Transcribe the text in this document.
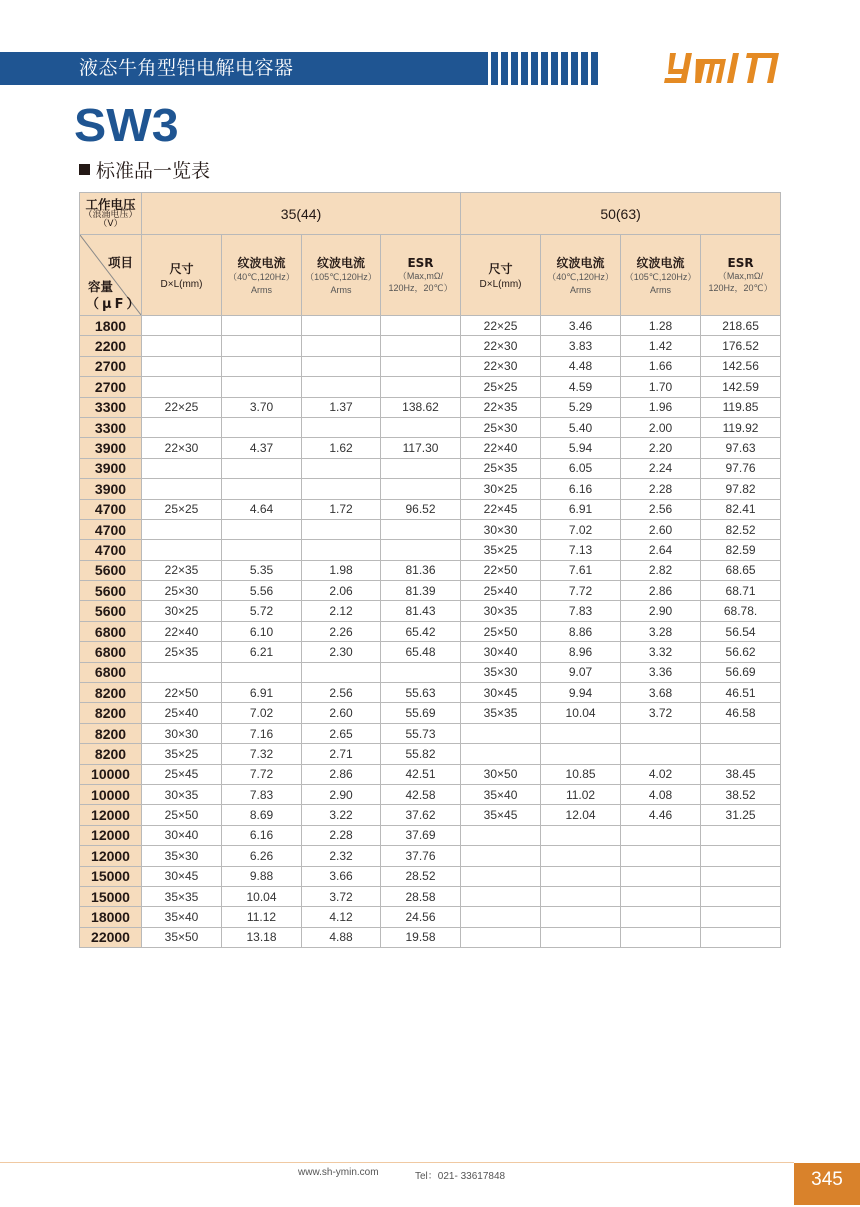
液态牛角型铝电解电容器
SW3
标准品一览表
工作电压
（浪涌电压）
（V）	35(44)				50(63)			

项目
容量
（μF）	尺寸
D×L(mm)	纹波电流
（40℃,120Hz）
Arms	纹波电流
（105℃,120Hz）
Arms	ESR
（Max,mΩ/
120Hz，20℃）	尺寸
D×L(mm)	纹波电流
（40℃,120Hz）
Arms	纹波电流
（105℃,120Hz）
Arms	ESR
（Max,mΩ/
120Hz，20℃）

1800					22×25	3.46	1.28	218.65
2200					22×30	3.83	1.42	176.52
2700					22×30	4.48	1.66	142.56
2700					25×25	4.59	1.70	142.59
3300	22×25	3.70	1.37	138.62	22×35	5.29	1.96	119.85
3300					25×30	5.40	2.00	119.92
3900	22×30	4.37	1.62	117.30	22×40	5.94	2.20	97.63
3900					25×35	6.05	2.24	97.76
3900					30×25	6.16	2.28	97.82
4700	25×25	4.64	1.72	96.52	22×45	6.91	2.56	82.41
4700					30×30	7.02	2.60	82.52
4700					35×25	7.13	2.64	82.59
5600	22×35	5.35	1.98	81.36	22×50	7.61	2.82	68.65
5600	25×30	5.56	2.06	81.39	25×40	7.72	2.86	68.71
5600	30×25	5.72	2.12	81.43	30×35	7.83	2.90	68.78.
6800	22×40	6.10	2.26	65.42	25×50	8.86	3.28	56.54
6800	25×35	6.21	2.30	65.48	30×40	8.96	3.32	56.62
6800					35×30	9.07	3.36	56.69
8200	22×50	6.91	2.56	55.63	30×45	9.94	3.68	46.51
8200	25×40	7.02	2.60	55.69	35×35	10.04	3.72	46.58
8200	30×30	7.16	2.65	55.73				
8200	35×25	7.32	2.71	55.82				
10000	25×45	7.72	2.86	42.51	30×50	10.85	4.02	38.45
10000	30×35	7.83	2.90	42.58	35×40	11.02	4.08	38.52
12000	25×50	8.69	3.22	37.62	35×45	12.04	4.46	31.25
12000	30×40	6.16	2.28	37.69				
12000	35×30	6.26	2.32	37.76				
15000	30×45	9.88	3.66	28.52				
15000	35×35	10.04	3.72	28.58				
18000	35×40	11.12	4.12	24.56				
22000	35×50	13.18	4.88	19.58				
www.sh-ymin.com	Tel：021- 33617848	345
